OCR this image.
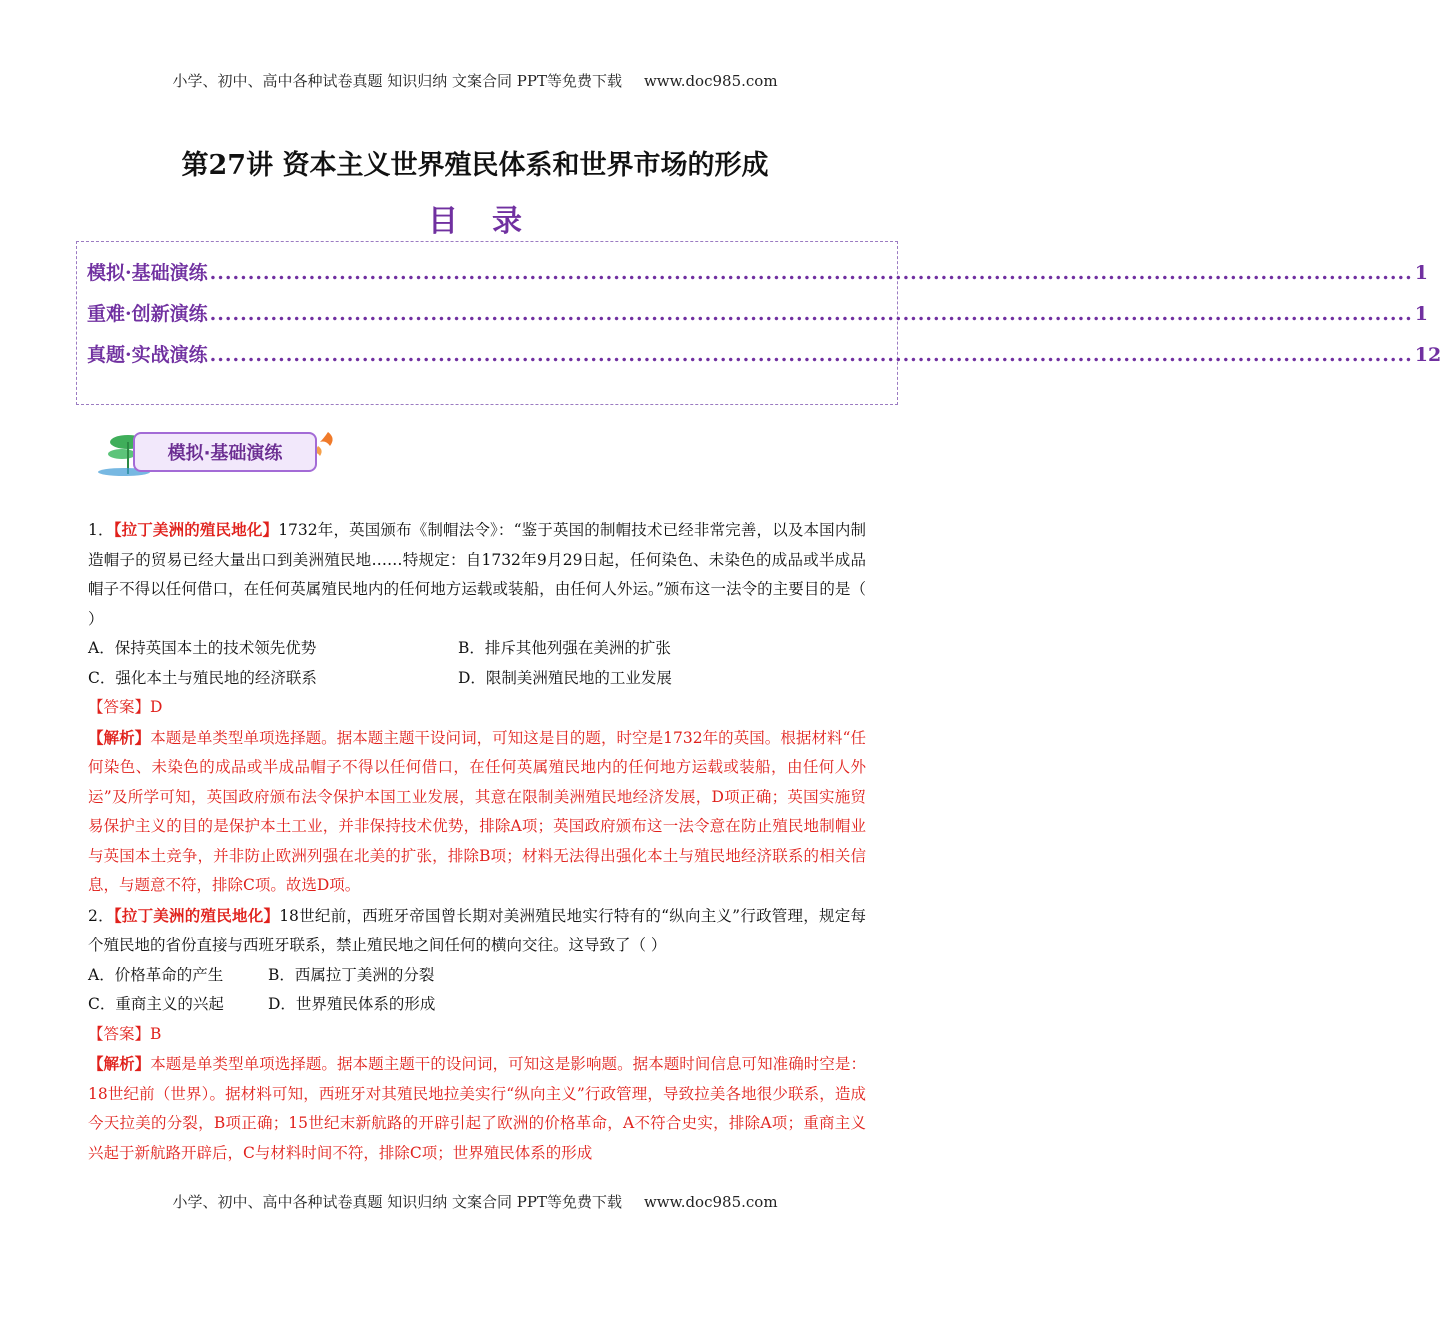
小学、初中、高中各种试卷真题 知识归纳 文案合同 PPT等免费下载 www.doc985.com
第27讲 资本主义世界殖民体系和世界市场的形成
目录
模拟·基础演练 .............................................................................................................................................................. 1
重难·创新演练 .............................................................................................................................................................. 1
真题·实战演练 .............................................................................................................................................................. 12
模拟·基础演练

1．【拉丁美洲的殖民地化】1732年，英国颁布《制帽法令》：“鉴于英国的制帽技术已经非常完善，以及本国内制造帽子的贸易已经大量出口到美洲殖民地……特规定：自1732年9月29日起，任何染色、未染色的成品或半成品帽子不得以任何借口，在任何英属殖民地内的任何地方运载或装船，由任何人外运。”颁布这一法令的主要目的是（ ）

A．保持英国本土的技术领先优势	B．排斥其他列强在美洲的扩张
C．强化本土与殖民地的经济联系	D．限制美洲殖民地的工业发展

【答案】D

【解析】本题是单类型单项选择题。据本题主题干设问词，可知这是目的题，时空是1732年的英国。根据材料“任何染色、未染色的成品或半成品帽子不得以任何借口，在任何英属殖民地内的任何地方运载或装船，由任何人外运”及所学可知，英国政府颁布法令保护本国工业发展，其意在限制美洲殖民地经济发展，D项正确；英国实施贸易保护主义的目的是保护本土工业，并非保持技术优势，排除A项；英国政府颁布这一法令意在防止殖民地制帽业与英国本土竞争，并非防止欧洲列强在北美的扩张，排除B项；材料无法得出强化本土与殖民地经济联系的相关信息，与题意不符，排除C项。故选D项。

2．【拉丁美洲的殖民地化】18世纪前，西班牙帝国曾长期对美洲殖民地实行特有的“纵向主义”行政管理，规定每个殖民地的省份直接与西班牙联系，禁止殖民地之间任何的横向交往。这导致了（ ）

A．价格革命的产生	B．西属拉丁美洲的分裂
C．重商主义的兴起	D．世界殖民体系的形成

【答案】B

【解析】本题是单类型单项选择题。据本题主题干的设问词，可知这是影响题。据本题时间信息可知准确时空是：18世纪前（世界）。据材料可知，西班牙对其殖民地拉美实行“纵向主义”行政管理，导致拉美各地很少联系，造成今天拉美的分裂，B项正确；15世纪末新航路的开辟引起了欧洲的价格革命，A不符合史实，排除A项；重商主义兴起于新航路开辟后，C与材料时间不符，排除C项；世界殖民体系的形成

小学、初中、高中各种试卷真题 知识归纳 文案合同 PPT等免费下载 www.doc985.com
